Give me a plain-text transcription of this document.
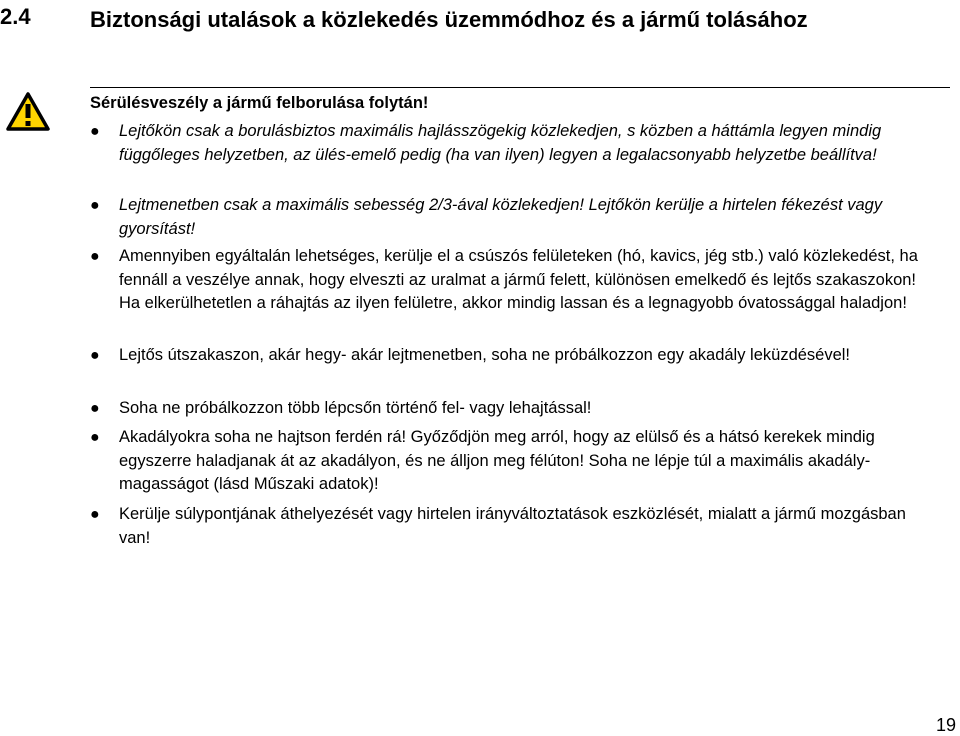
2.4	Biztonsági utalások a közlekedés üzemmódhoz és a jármű tolásához
Sérülésveszély a jármű felborulása folytán!
● Lejtőkön csak a borulásbiztos maximális hajlásszögekig közlekedjen, s közben a háttámla legyen mindig függőleges helyzetben, az ülés-emelő pedig (ha van ilyen) legyen a legalacsonyabb helyzetbe beállítva!
● Lejtmenetben csak a maximális sebesség 2/3-ával közlekedjen! Lejtőkön kerülje a hirtelen fékezést vagy gyorsítást!
● Amennyiben egyáltalán lehetséges, kerülje el a csúszós felületeken (hó, kavics, jég stb.) való közlekedést, ha fennáll a veszélye annak, hogy elveszti az uralmat a jármű felett, különösen emelkedő és lejtős szakaszokon! Ha elkerülhetetlen a ráhajtás az ilyen felületre, akkor mindig lassan és a legnagyobb óvatossággal haladjon!
● Lejtős útszakaszon, akár hegy- akár lejtmenetben, soha ne próbálkozzon egy akadály leküzdésével!
● Soha ne próbálkozzon több lépcsőn történő fel- vagy lehajtással!
● Akadályokra soha ne hajtson ferdén rá! Győződjön meg arról, hogy az elülső és a hátsó kerekek mindig egyszerre haladjanak át az akadályon, és ne álljon meg félúton! Soha ne lépje túl a maximális akadály-magasságot (lásd Műszaki adatok)!
● Kerülje súlypontjának áthelyezését vagy hirtelen irányváltoztatások eszközlését, mialatt a jármű mozgásban van!
19
